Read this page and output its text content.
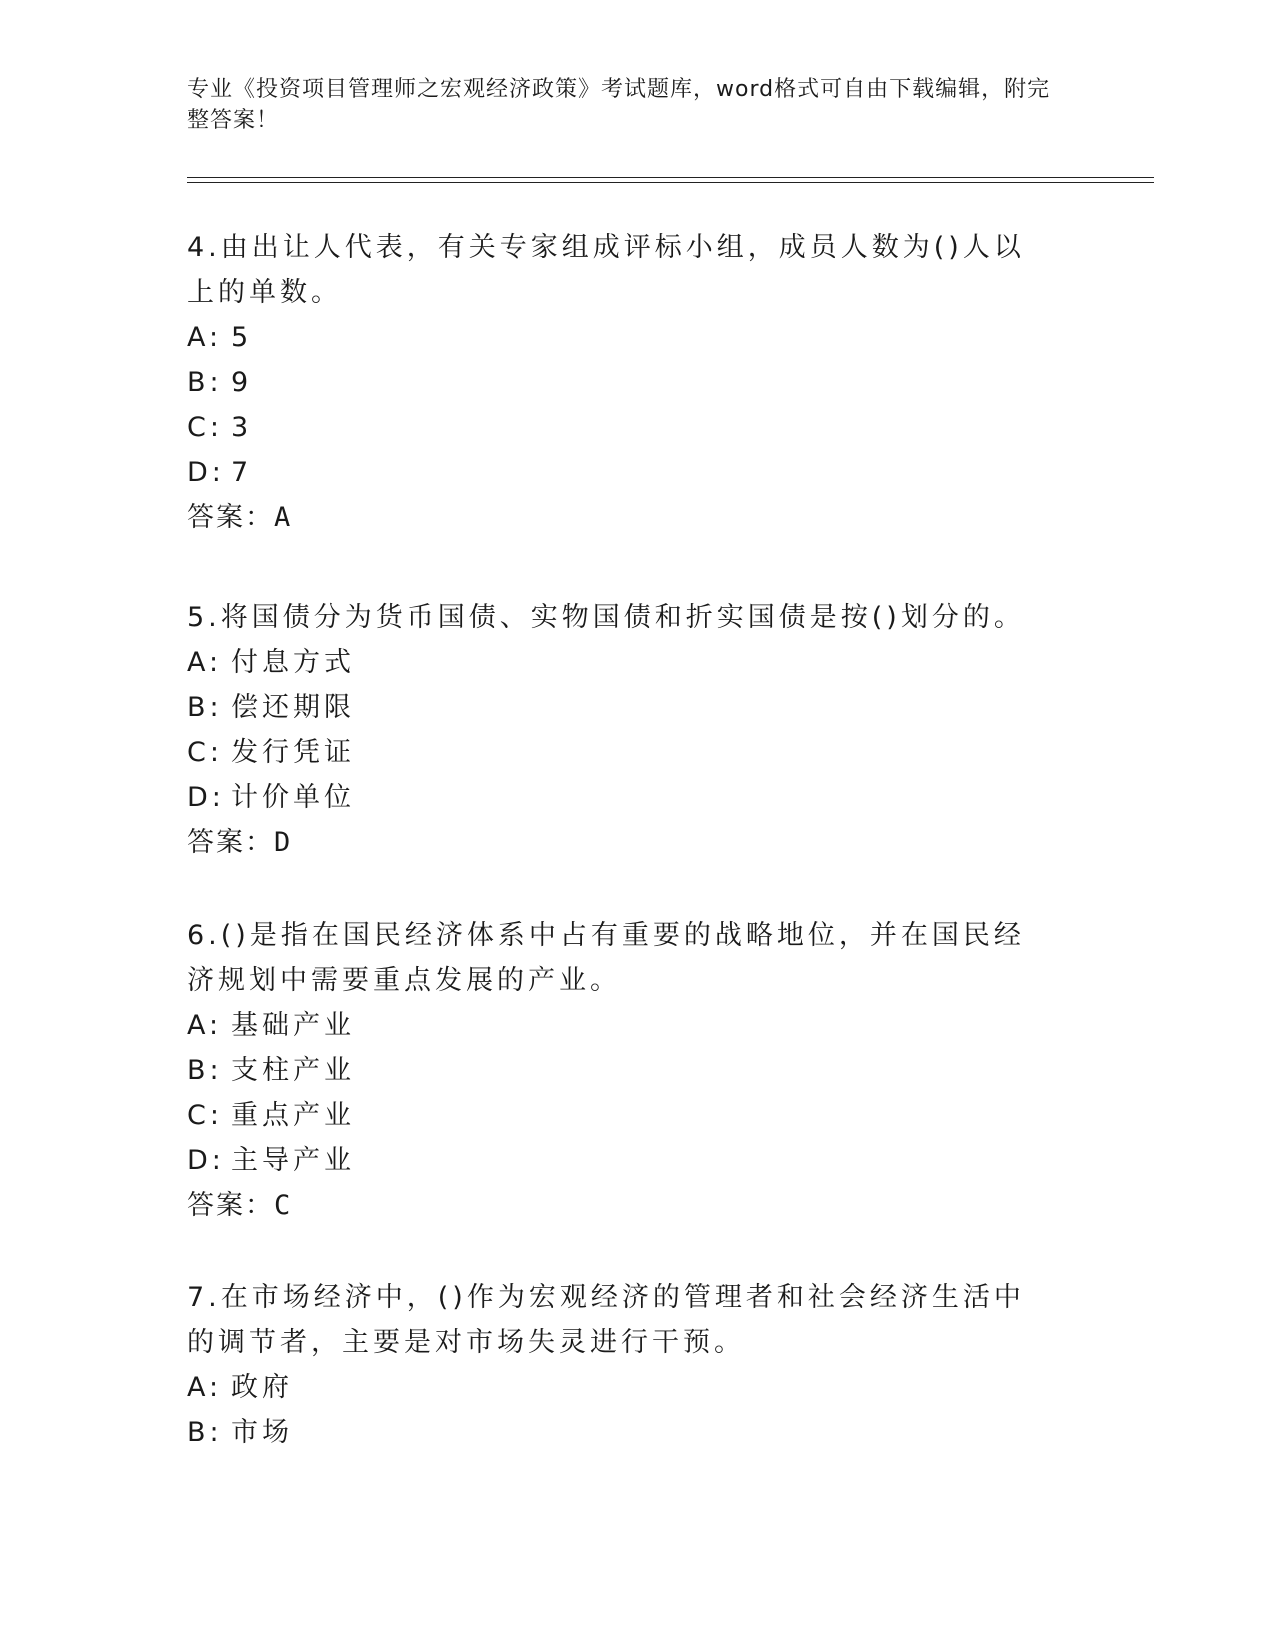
专业《投资项目管理师之宏观经济政策》考试题库，word格式可自由下载编辑，附完整答案！

4.由出让人代表，有关专家组成评标小组，成员人数为()人以上的单数。

A: 5

B: 9

C: 3

D: 7

答案：A

5.将国债分为货币国债、实物国债和折实国债是按()划分的。

A: 付息方式

B: 偿还期限

C: 发行凭证

D: 计价单位

答案：D

6.()是指在国民经济体系中占有重要的战略地位，并在国民经济规划中需要重点发展的产业。

A: 基础产业

B: 支柱产业

C: 重点产业

D: 主导产业

答案：C

7.在市场经济中，()作为宏观经济的管理者和社会经济生活中的调节者，主要是对市场失灵进行干预。

A: 政府

B: 市场
